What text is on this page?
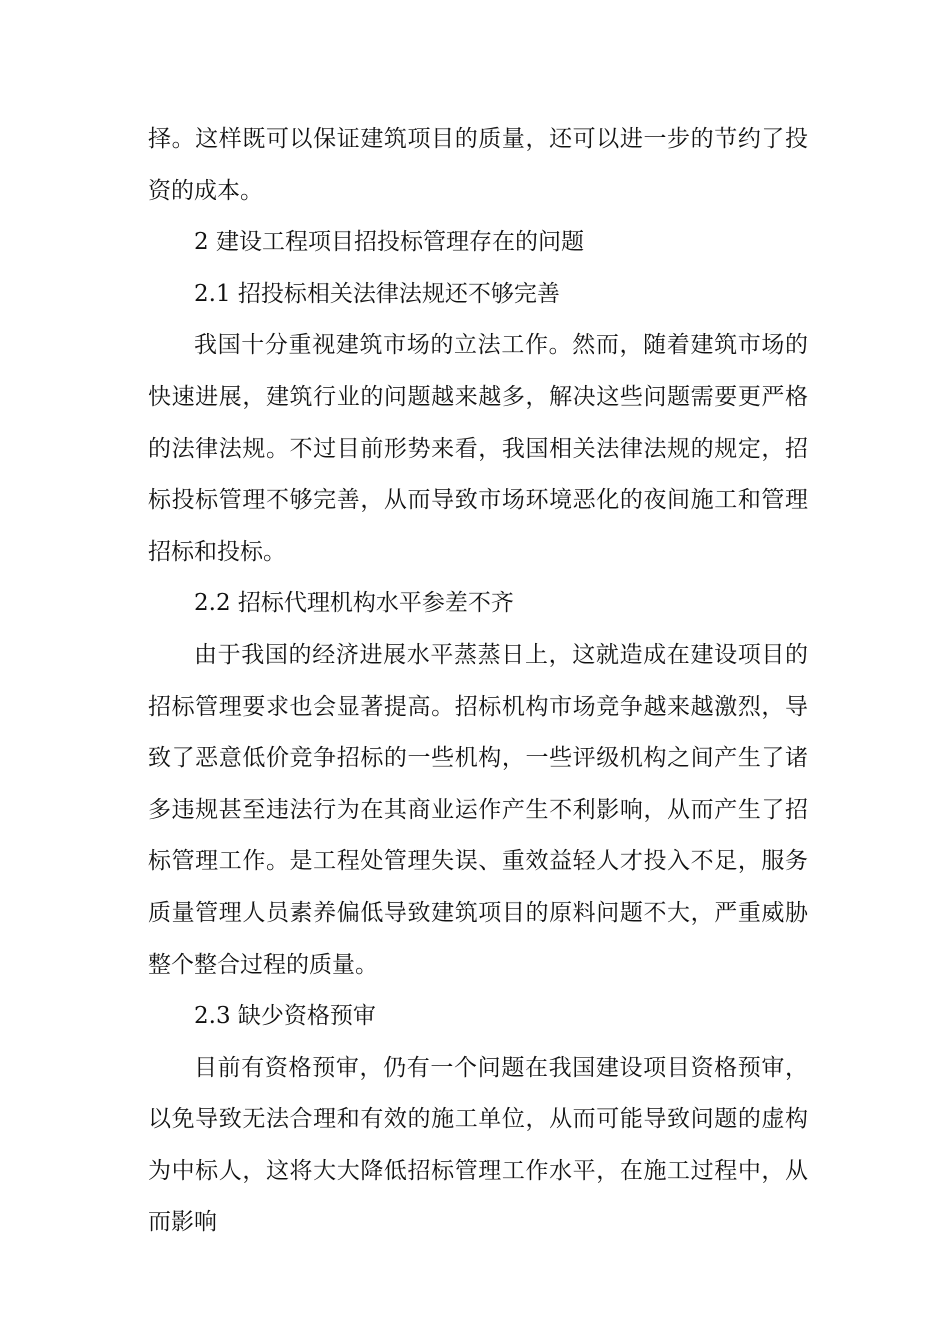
择。这样既可以保证建筑项目的质量，还可以进一步的节约了投资的成本。

2 建设工程项目招投标管理存在的问题

2.1 招投标相关法律法规还不够完善

我国十分重视建筑市场的立法工作。然而，随着建筑市场的快速进展，建筑行业的问题越来越多，解决这些问题需要更严格的法律法规。不过目前形势来看，我国相关法律法规的规定，招标投标管理不够完善，从而导致市场环境恶化的夜间施工和管理招标和投标。

2.2 招标代理机构水平参差不齐

由于我国的经济进展水平蒸蒸日上，这就造成在建设项目的招标管理要求也会显著提高。招标机构市场竞争越来越激烈，导致了恶意低价竞争招标的一些机构，一些评级机构之间产生了诸多违规甚至违法行为在其商业运作产生不利影响，从而产生了招标管理工作。是工程处管理失误、重效益轻人才投入不足，服务质量管理人员素养偏低导致建筑项目的原料问题不大，严重威胁整个整合过程的质量。

2.3 缺少资格预审

目前有资格预审，仍有一个问题在我国建设项目资格预审，以免导致无法合理和有效的施工单位，从而可能导致问题的虚构为中标人，这将大大降低招标管理工作水平，在施工过程中，从而影响
